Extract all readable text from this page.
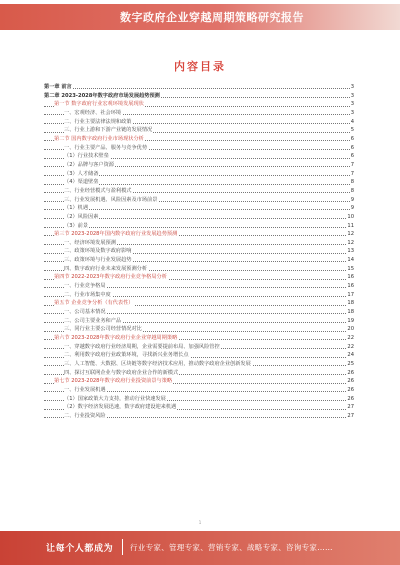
数字政府企业穿越周期策略研究报告
内容目录
第一章 前言	3
第二章 2023-2028年数字政府市场发展趋势预测	3
第一节 数字政府行业宏观环境发展现状	3
一、宏观经济、社会环境	3
二、行业主要法律法规和政策	4
三、行业上游和下游产业链的发展情况	5
第二节 国内数字政府行业市场现状分析	6
一、行业主要产品、服务与竞争优势	6
（1）行业技术壁垒	6
（2）品牌与客户资源	7
（3）人才储备	7
（4）渠道壁垒	8
二、行业经营模式与盈利模式	8
三、行业发展机遇、风险因素及市场前景	9
（1）机遇	9
（2）风险因素	10
（3）前景	11
第三节 2023-2028年国内数字政府行业发展趋势预测	12
一、经济环境发展预测	12
二、政策环境及数字政府影响	13
三、政策环境与行业发展趋势	14
四、数字政府行业未来发展预测分析	15
第四节 2022-2023年数字政府行业竞争格局分析	16
一、行业竞争格局	16
二、行业市场集中度	17
第五节 企业竞争分析（有代表性）	18
一、公司基本情况	18
二、公司主要业务和产品	19
三、同行业主要公司经营情况对比	20
第六节 2023-2028年数字政府行业企业穿越周期策略	22
一、穿越数字政府行业经济周期，企业需要提前布局、加强风险管控	22
二、利用数字政府行业政策环境，寻找新兴业务增长点	24
三、人工智能、大数据、区块链等数字经济技术应用，推动数字政府企业创新发展	25
四、探讨互联网企业与数字政府企业合作的新模式	26
第七节 2023-2028年数字政府行业投资前景与策略	26
一、行业发展机遇	26
（1）国家政策大力支持，推动行业快速发展	26
（2）数字经济发展迅速，数字政府建设迎来机遇	27
二、行业投资风险	27
1
让每个人都成为 行业专家、管理专家、营销专家、战略专家、咨询专家……
